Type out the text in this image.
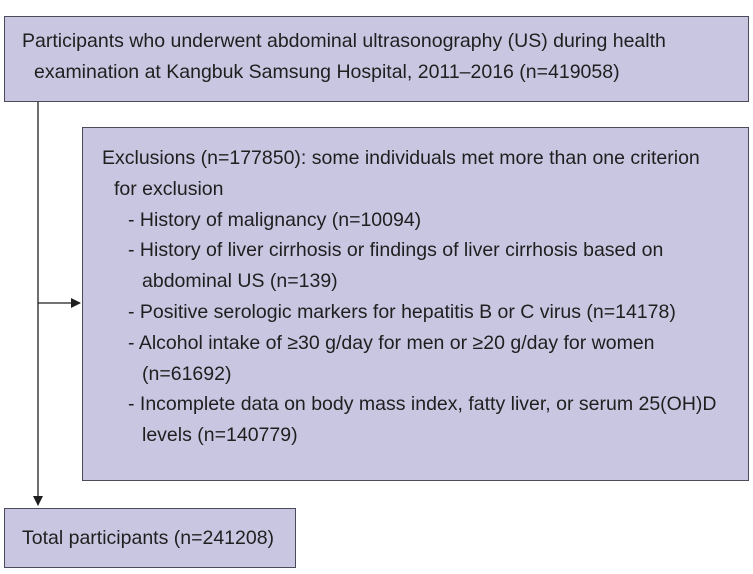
Participants who underwent abdominal ultrasonography (US) during health
examination at Kangbuk Samsung Hospital, 2011–2016 (n=419058)
Exclusions (n=177850): some individuals met more than one criterion
for exclusion
- History of malignancy (n=10094)
- History of liver cirrhosis or findings of liver cirrhosis based on
abdominal US (n=139)
- Positive serologic markers for hepatitis B or C virus (n=14178)
- Alcohol intake of ≥30 g/day for men or ≥20 g/day for women
(n=61692)
- Incomplete data on body mass index, fatty liver, or serum 25(OH)D
levels (n=140779)
Total participants (n=241208)
